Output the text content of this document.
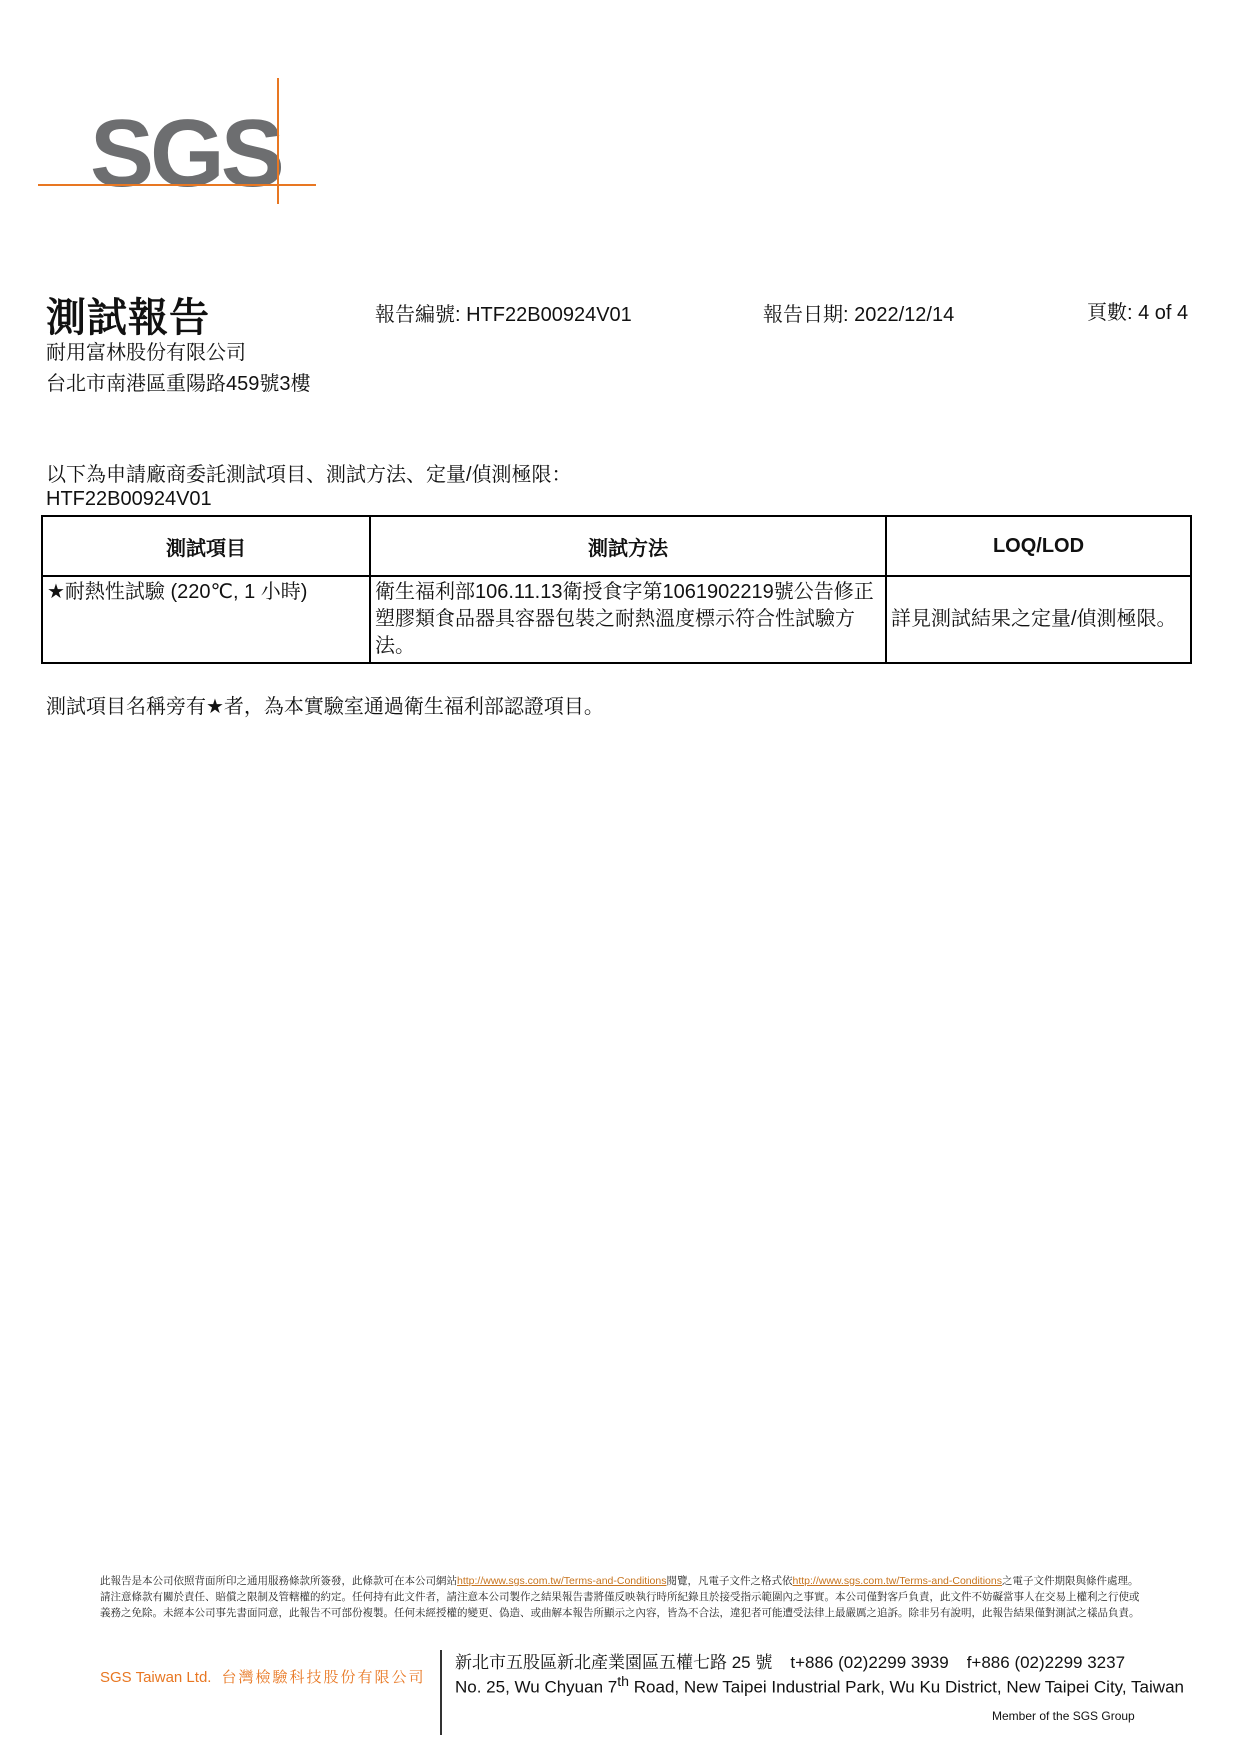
SGS
測試報告	報告編號: HTF22B00924V01	報告日期: 2022/12/14	頁數: 4 of 4
耐用富林股份有限公司
台北市南港區重陽路459號3樓
以下為申請廠商委託測試項目、測試方法、定量/偵測極限：
HTF22B00924V01
測試項目	測試方法	LOQ/LOD
★耐熱性試驗 (220℃, 1 小時)	衛生福利部106.11.13衛授食字第1061902219號公告修正塑膠類食品器具容器包裝之耐熱溫度標示符合性試驗方法。	詳見測試結果之定量/偵測極限。
測試項目名稱旁有★者，為本實驗室通過衛生福利部認證項目。
此報告是本公司依照背面所印之通用服務條款所簽發，此條款可在本公司網站http://www.sgs.com.tw/Terms-and-Conditions閱覽，凡電子文件之格式依http://www.sgs.com.tw/Terms-and-Conditions之電子文件期限與條件處理。請注意條款有關於責任、賠償之限制及管轄權的約定。任何持有此文件者，請注意本公司製作之結果報告書將僅反映執行時所紀錄且於接受指示範圍內之事實。本公司僅對客戶負責，此文件不妨礙當事人在交易上權利之行使或義務之免除。未經本公司事先書面同意，此報告不可部份複製。任何未經授權的變更、偽造、或曲解本報告所顯示之內容，皆為不合法，違犯者可能遭受法律上最嚴厲之追訴。除非另有說明，此報告結果僅對測試之樣品負責。
SGS Taiwan Ltd. 台灣檢驗科技股份有限公司
新北市五股區新北產業園區五權七路 25 號 t+886 (02)2299 3939 f+886 (02)2299 3237
No. 25, Wu Chyuan 7th Road, New Taipei Industrial Park, Wu Ku District, New Taipei City, Taiwan
Member of the SGS Group
